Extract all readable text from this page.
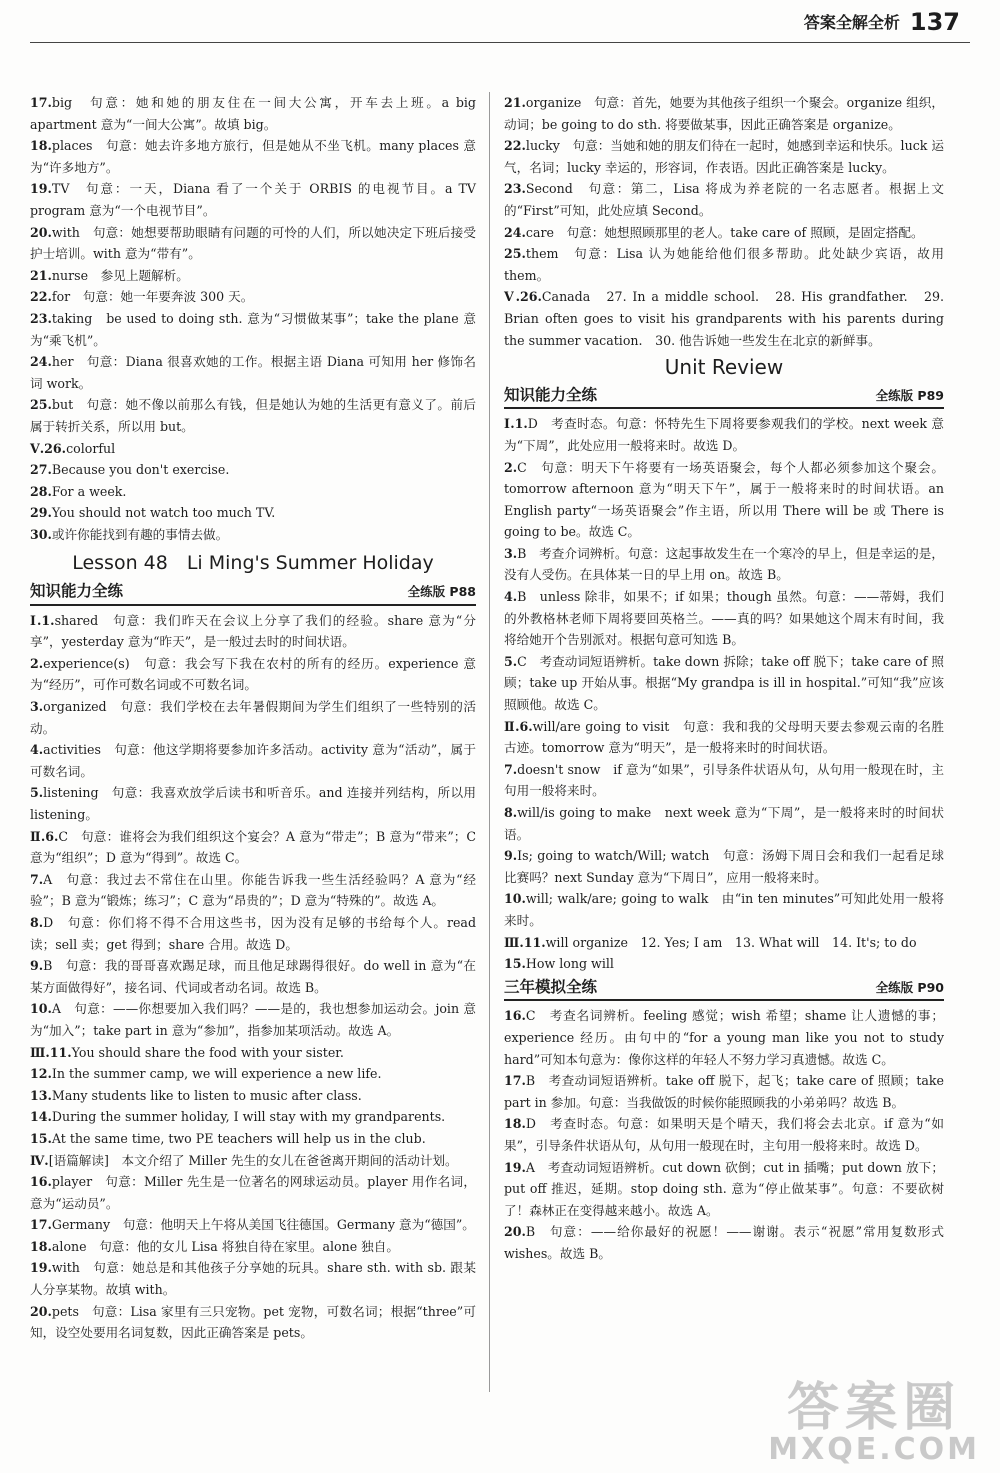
答案全解全析 137

17.big　句意：她和她的朋友住在一间大公寓，开车去上班。a big apartment 意为“一间大公寓”。故填 big。

18.places　句意：她去许多地方旅行，但是她从不坐飞机。many places 意为“许多地方”。

19.TV　句意：一天，Diana 看了一个关于 ORBIS 的电视节目。a TV program 意为“一个电视节目”。

20.with　句意：她想要帮助眼睛有问题的可怜的人们，所以她决定下班后接受护士培训。with 意为“带有”。

21.nurse　参见上题解析。

22.for　句意：她一年要奔波 300 天。

23.taking　be used to doing sth. 意为“习惯做某事”；take the plane 意为“乘飞机”。

24.her　句意：Diana 很喜欢她的工作。根据主语 Diana 可知用 her 修饰名词 work。

25.but　句意：她不像以前那么有钱，但是她认为她的生活更有意义了。前后属于转折关系，所以用 but。

Ⅴ.26.colorful

27.Because you don't exercise.

28.For a week.

29.You should not watch too much TV.

30.或许你能找到有趣的事情去做。

Lesson 48　Li Ming's Summer Holiday
知识能力全练	全练版 P88

Ⅰ.1.shared　句意：我们昨天在会议上分享了我们的经验。share 意为“分享”，yesterday 意为“昨天”，是一般过去时的时间状语。

2.experience(s)　句意：我会写下我在农村的所有的经历。experience 意为“经历”，可作可数名词或不可数名词。

3.organized　句意：我们学校在去年暑假期间为学生们组织了一些特别的活动。

4.activities　句意：他这学期将要参加许多活动。activity 意为“活动”，属于可数名词。

5.listening　句意：我喜欢放学后读书和听音乐。and 连接并列结构，所以用 listening。

Ⅱ.6.C　句意：谁将会为我们组织这个宴会？A 意为“带走”；B 意为“带来”；C 意为“组织”；D 意为“得到”。故选 C。

7.A　句意：我过去不常住在山里。你能告诉我一些生活经验吗？A 意为“经验”；B 意为“锻炼；练习”；C 意为“昂贵的”；D 意为“特殊的”。故选 A。

8.D　句意：你们将不得不合用这些书，因为没有足够的书给每个人。read 读；sell 卖；get 得到；share 合用。故选 D。

9.B　句意：我的哥哥喜欢踢足球，而且他足球踢得很好。do well in 意为“在某方面做得好”，接名词、代词或者动名词。故选 B。

10.A　句意：——你想要加入我们吗？——是的，我也想参加运动会。join 意为“加入”；take part in 意为“参加”，指参加某项活动。故选 A。

Ⅲ.11.You should share the food with your sister.

12.In the summer camp, we will experience a new life.

13.Many students like to listen to music after class.

14.During the summer holiday, I will stay with my grandparents.

15.At the same time, two PE teachers will help us in the club.

Ⅳ.[语篇解读]　本文介绍了 Miller 先生的女儿在爸爸离开期间的活动计划。

16.player　句意：Miller 先生是一位著名的网球运动员。player 用作名词，意为“运动员”。

17.Germany　句意：他明天上午将从美国飞往德国。Germany 意为“德国”。

18.alone　句意：他的女儿 Lisa 将独自待在家里。alone 独自。

19.with　句意：她总是和其他孩子分享她的玩具。share sth. with sb. 跟某人分享某物。故填 with。

20.pets　句意：Lisa 家里有三只宠物。pet 宠物，可数名词；根据“three”可知，设空处要用名词复数，因此正确答案是 pets。

21.organize　句意：首先，她要为其他孩子组织一个聚会。organize 组织，动词；be going to do sth. 将要做某事，因此正确答案是 organize。

22.lucky　句意：当她和她的朋友们待在一起时，她感到幸运和快乐。luck 运气，名词；lucky 幸运的，形容词，作表语。因此正确答案是 lucky。

23.Second　句意：第二，Lisa 将成为养老院的一名志愿者。根据上文的“First”可知，此处应填 Second。

24.care　句意：她想照顾那里的老人。take care of 照顾，是固定搭配。

25.them　句意：Lisa 认为她能给他们很多帮助。此处缺少宾语，故用 them。

Ⅴ.26.Canada　27. In a middle school.　28. His grandfather.　29. Brian often goes to visit his grandparents with his parents during the summer vacation.　30. 他告诉她一些发生在北京的新鲜事。

Unit Review
知识能力全练	全练版 P89

Ⅰ.1.D　考查时态。句意：怀特先生下周将要参观我们的学校。next week 意为“下周”，此处应用一般将来时。故选 D。

2.C　句意：明天下午将要有一场英语聚会，每个人都必须参加这个聚会。tomorrow afternoon 意为“明天下午”，属于一般将来时的时间状语。an English party“一场英语聚会”作主语，所以用 There will be 或 There is going to be。故选 C。

3.B　考查介词辨析。句意：这起事故发生在一个寒冷的早上，但是幸运的是，没有人受伤。在具体某一日的早上用 on。故选 B。

4.B　unless 除非，如果不；if 如果；though 虽然。句意：——蒂姆，我们的外教格林老师下周将要回英格兰。——真的吗？如果她这个周末有时间，我将给她开个告别派对。根据句意可知选 B。

5.C　考查动词短语辨析。take down 拆除；take off 脱下；take care of 照顾；take up 开始从事。根据“My grandpa is ill in hospital.”可知“我”应该照顾他。故选 C。

Ⅱ.6.will/are going to visit　句意：我和我的父母明天要去参观云南的名胜古迹。tomorrow 意为“明天”，是一般将来时的时间状语。

7.doesn't snow　if 意为“如果”，引导条件状语从句，从句用一般现在时，主句用一般将来时。

8.will/is going to make　next week 意为“下周”，是一般将来时的时间状语。

9.Is; going to watch/Will; watch　句意：汤姆下周日会和我们一起看足球比赛吗？next Sunday 意为“下周日”，应用一般将来时。

10.will; walk/are; going to walk　由“in ten minutes”可知此处用一般将来时。

Ⅲ.11.will organize　12. Yes; I am　13. What will　14. It's; to do

15.How long will

三年模拟全练	全练版 P90

16.C　考查名词辨析。feeling 感觉；wish 希望；shame 让人遗憾的事；experience 经历。由句中的“for a young man like you not to study hard”可知本句意为：像你这样的年轻人不努力学习真遗憾。故选 C。

17.B　考查动词短语辨析。take off 脱下，起飞；take care of 照顾；take part in 参加。句意：当我做饭的时候你能照顾我的小弟弟吗？故选 B。

18.D　考查时态。句意：如果明天是个晴天，我们将会去北京。if 意为“如果”，引导条件状语从句，从句用一般现在时，主句用一般将来时。故选 D。

19.A　考查动词短语辨析。cut down 砍倒；cut in 插嘴；put down 放下；put off 推迟，延期。stop doing sth. 意为“停止做某事”。句意：不要砍树了！森林正在变得越来越小。故选 A。

20.B　句意：——给你最好的祝愿！——谢谢。表示“祝愿”常用复数形式 wishes。故选 B。

答案圈
MXQE.COM
